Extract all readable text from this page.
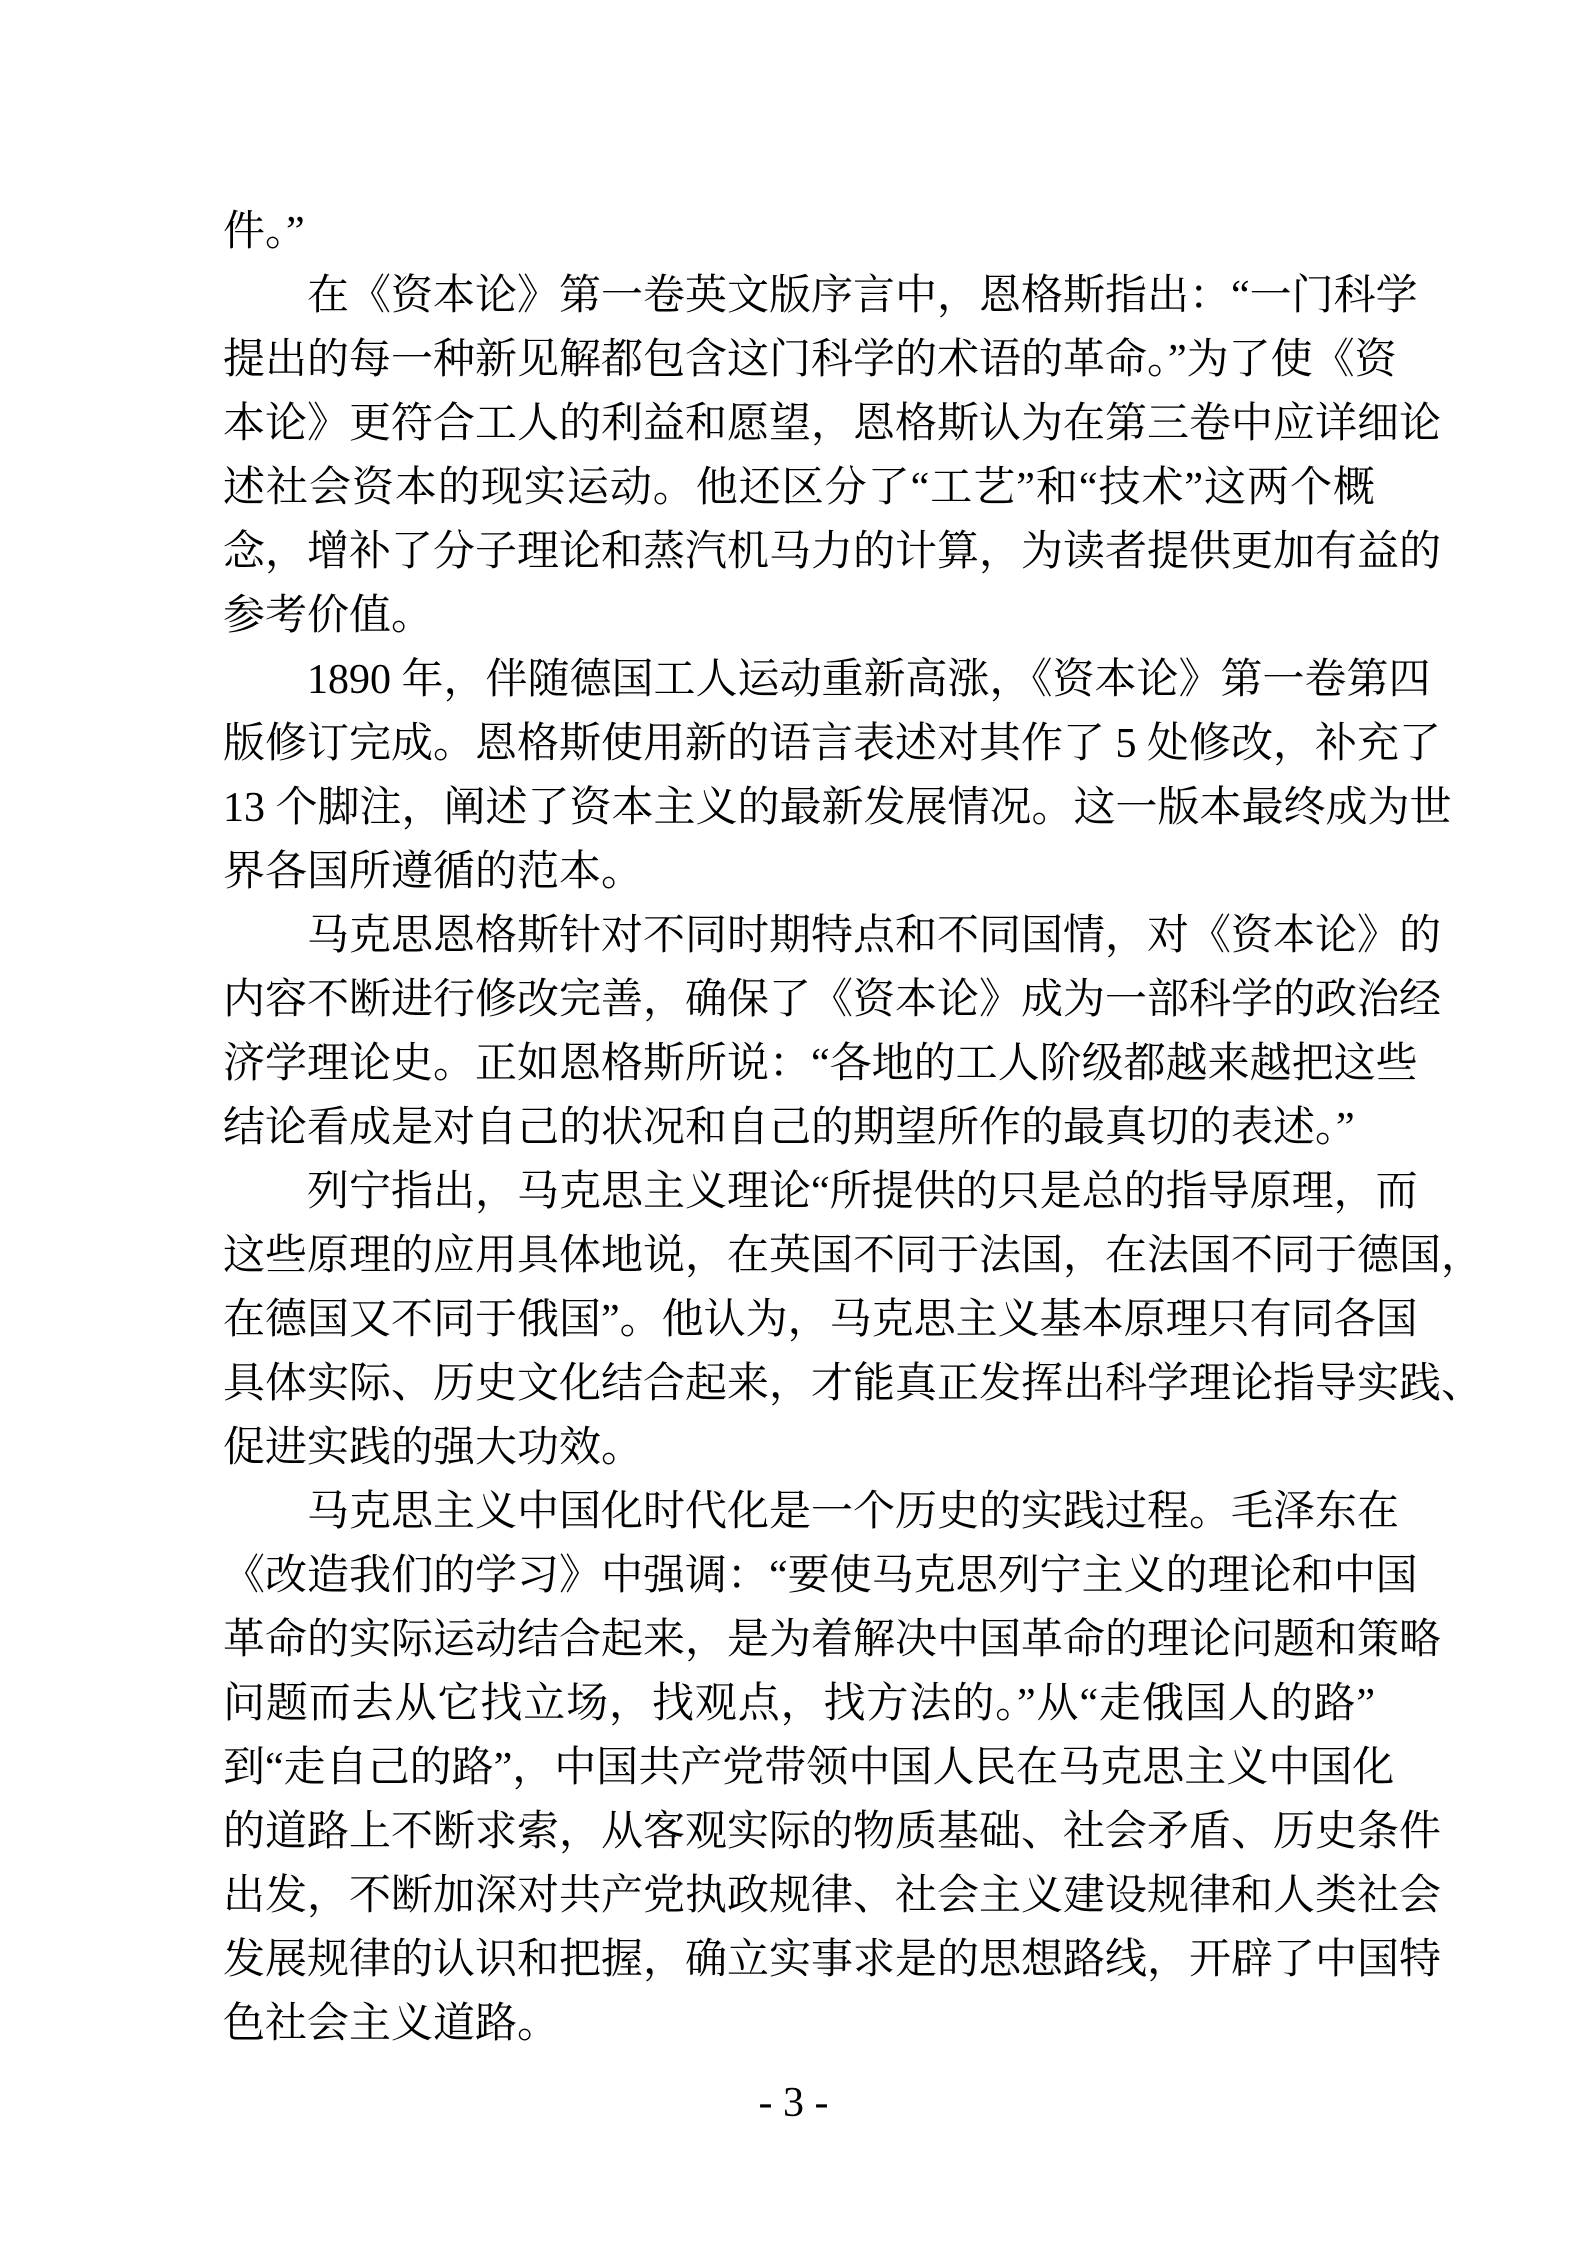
件。”
在《资本论》第一卷英文版序言中，恩格斯指出：“一门科学
提出的每一种新见解都包含这门科学的术语的革命。”为了使《资
本论》更符合工人的利益和愿望，恩格斯认为在第三卷中应详细论
述社会资本的现实运动。他还区分了“工艺”和“技术”这两个概
念，增补了分子理论和蒸汽机马力的计算，为读者提供更加有益的
参考价值。
1890 年，伴随德国工人运动重新高涨，《资本论》第一卷第四
版修订完成。恩格斯使用新的语言表述对其作了 5 处修改，补充了
13 个脚注，阐述了资本主义的最新发展情况。这一版本最终成为世
界各国所遵循的范本。
马克思恩格斯针对不同时期特点和不同国情，对《资本论》的
内容不断进行修改完善，确保了《资本论》成为一部科学的政治经
济学理论史。正如恩格斯所说：“各地的工人阶级都越来越把这些
结论看成是对自己的状况和自己的期望所作的最真切的表述。”
列宁指出，马克思主义理论“所提供的只是总的指导原理，而
这些原理的应用具体地说，在英国不同于法国，在法国不同于德国，
在德国又不同于俄国”。他认为，马克思主义基本原理只有同各国
具体实际、历史文化结合起来，才能真正发挥出科学理论指导实践、
促进实践的强大功效。
马克思主义中国化时代化是一个历史的实践过程。毛泽东在
《改造我们的学习》中强调：“要使马克思列宁主义的理论和中国
革命的实际运动结合起来，是为着解决中国革命的理论问题和策略
问题而去从它找立场，找观点，找方法的。”从“走俄国人的路”
到“走自己的路”，中国共产党带领中国人民在马克思主义中国化
的道路上不断求索，从客观实际的物质基础、社会矛盾、历史条件
出发，不断加深对共产党执政规律、社会主义建设规律和人类社会
发展规律的认识和把握，确立实事求是的思想路线，开辟了中国特
色社会主义道路。
- 3 -
